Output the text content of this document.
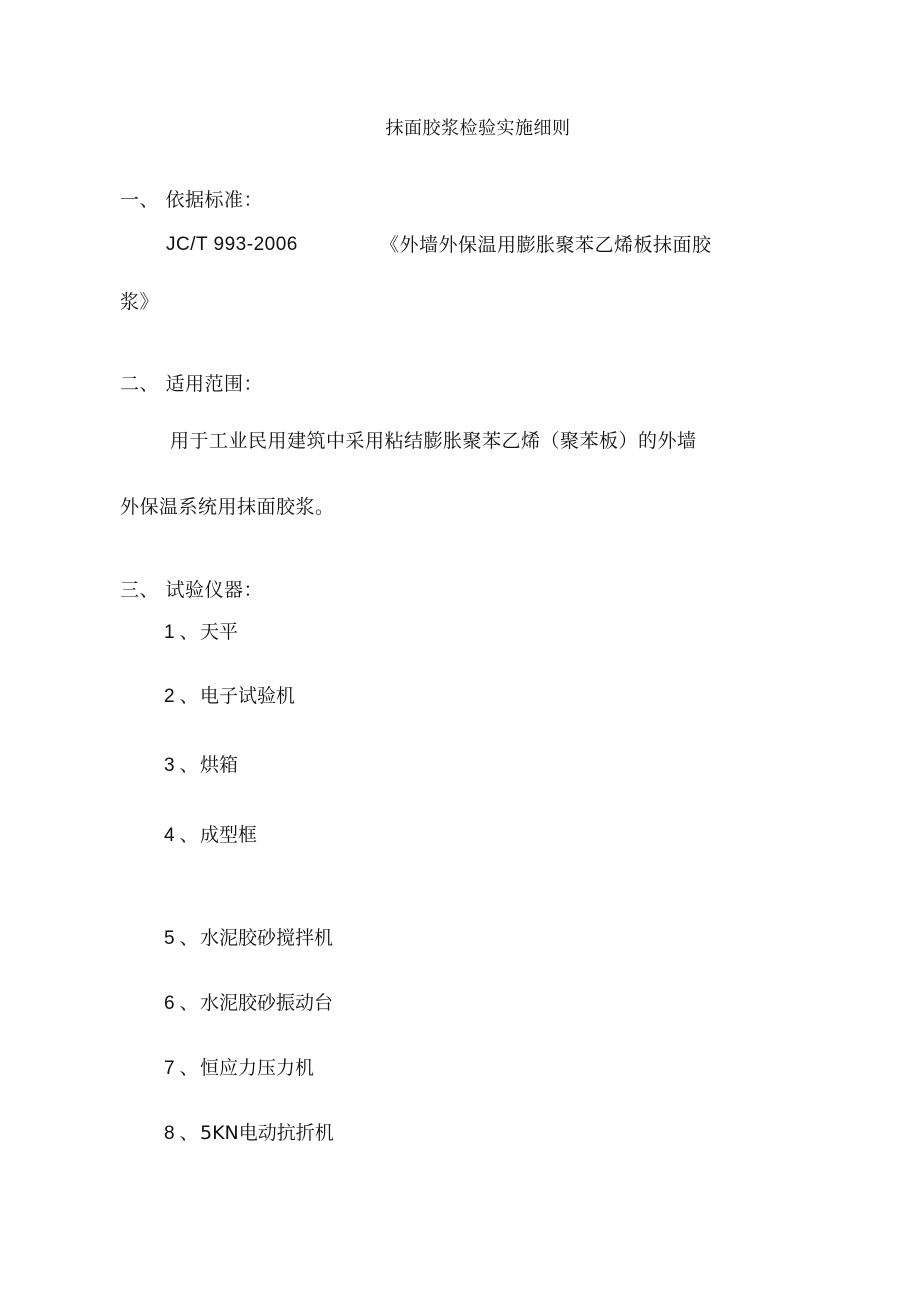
抹面胶浆检验实施细则
一、 依据标准：
JC/T 993-2006	《外墙外保温用膨胀聚苯乙烯板抹面胶
浆》
二、 适用范围：
用于工业民用建筑中采用粘结膨胀聚苯乙烯（聚苯板）的外墙
外保温系统用抹面胶浆。
三、 试验仪器：
1 、天平
2 、电子试验机
3 、烘箱
4 、成型框
5 、水泥胶砂搅拌机
6 、水泥胶砂振动台
7 、恒应力压力机
8 、5KN电动抗折机
